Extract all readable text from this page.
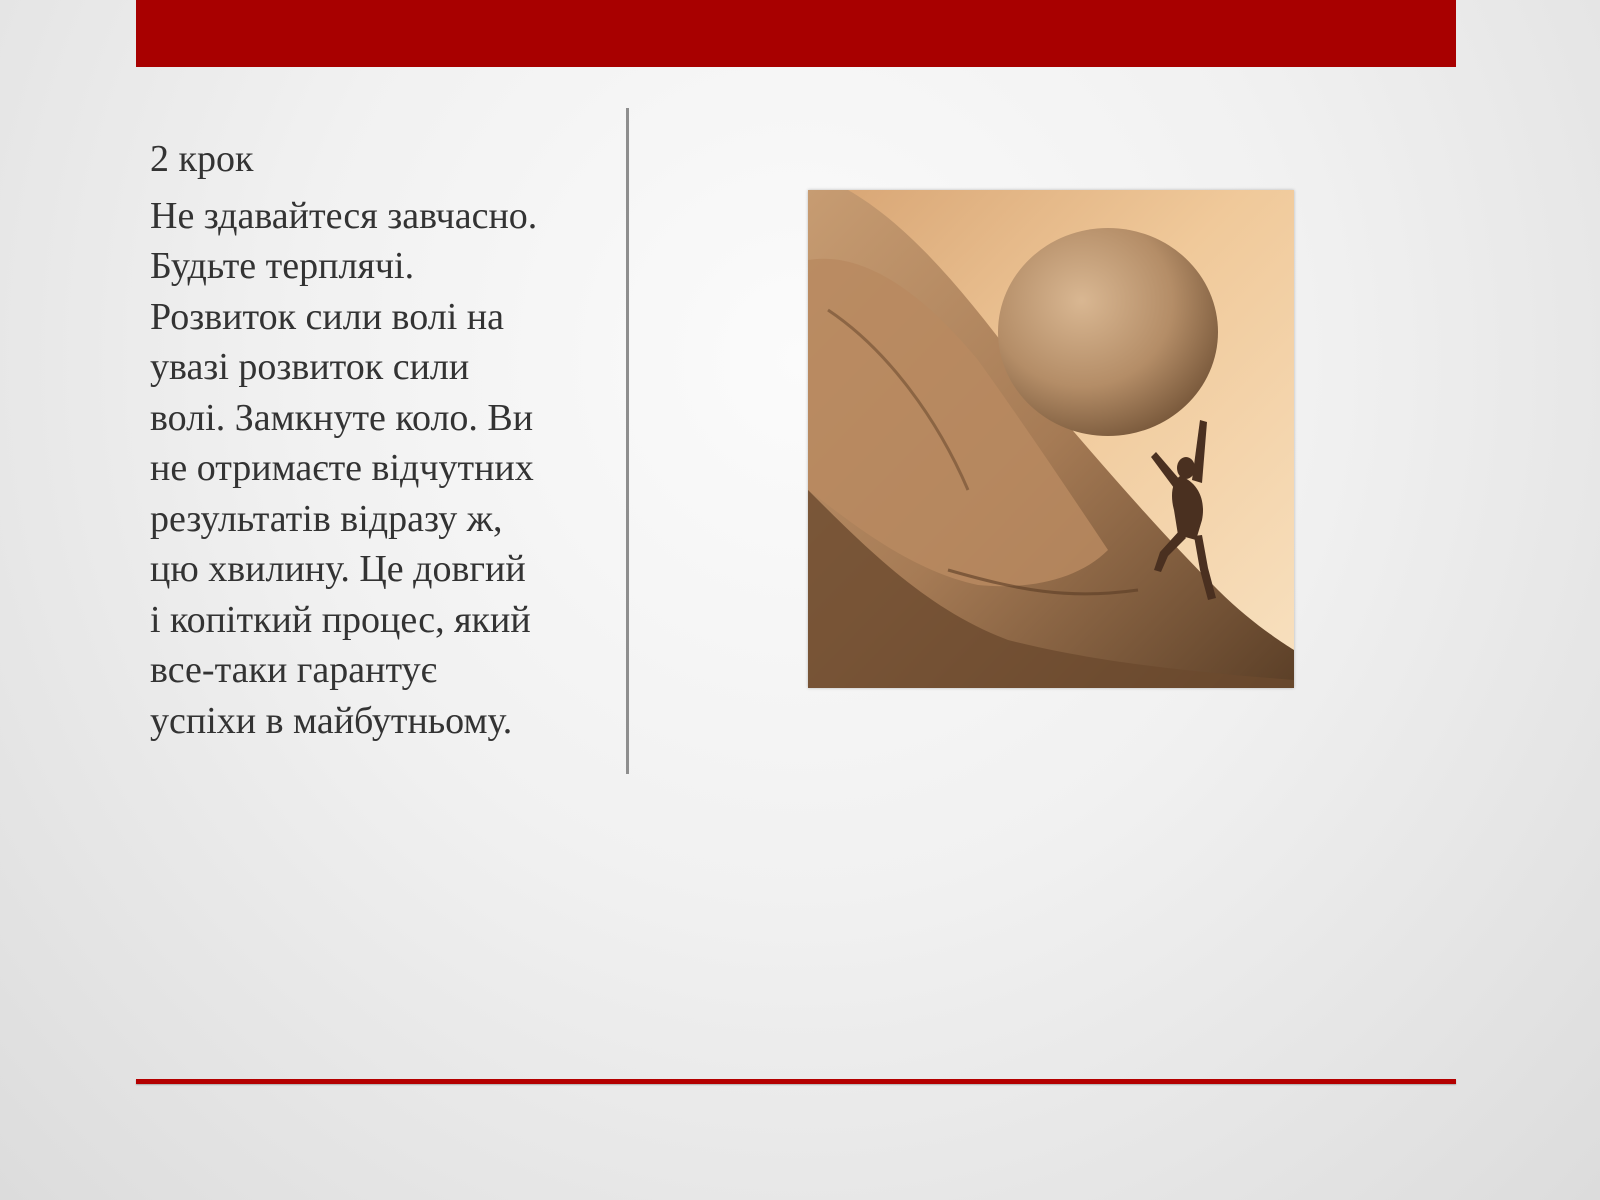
2 крок
Не здавайтеся завчасно.
Будьте терплячі.
Розвиток сили волі на
увазі розвиток сили
волі. Замкнуте коло. Ви
не отримаєте відчутних
результатів відразу ж,
цю хвилину. Це довгий
і копіткий процес, який
все-таки гарантує
успіхи в майбутньому.
